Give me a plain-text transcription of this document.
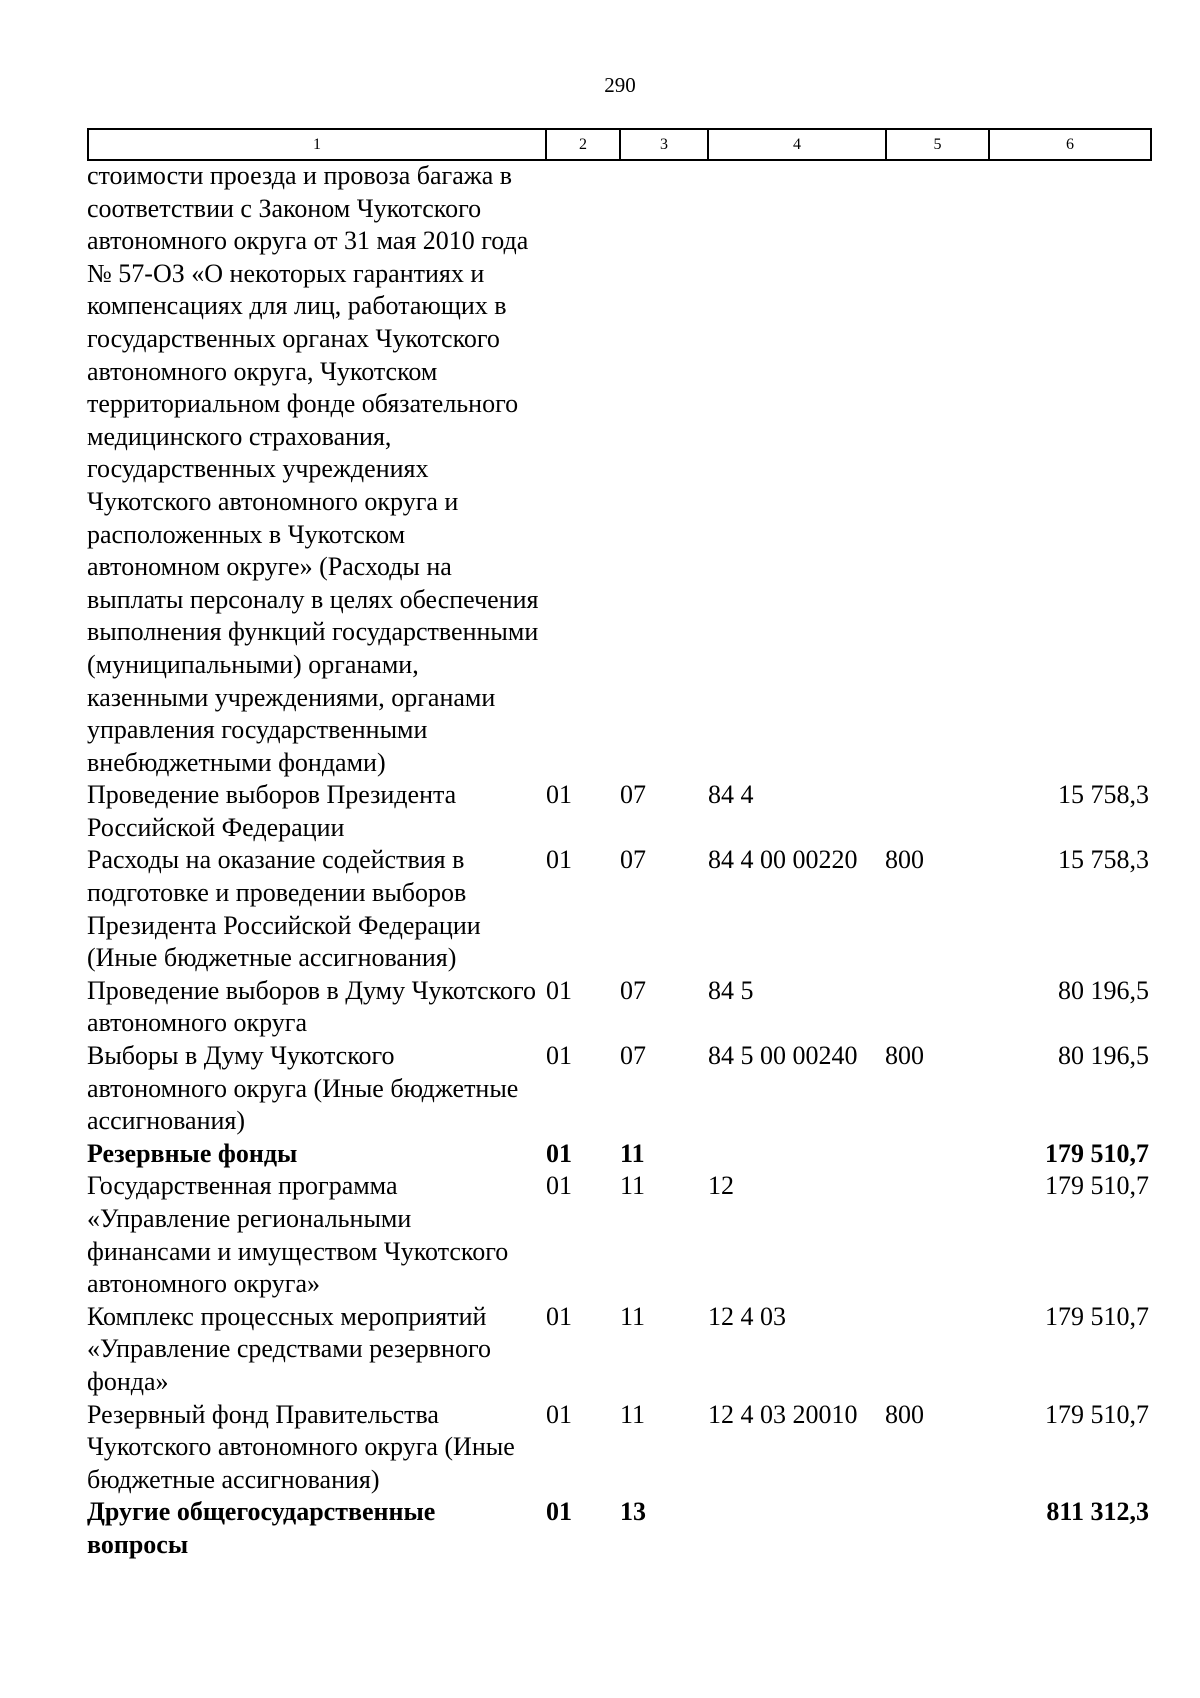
290
1	2	3	4	5	6
стоимости проезда и провоза багажа в соответствии с Законом Чукотского автономного округа от 31 мая 2010 года № 57-ОЗ «О некоторых гарантиях и компенсациях для лиц, работающих в государственных органах Чукотского автономного округа, Чукотском территориальном фонде обязательного медицинского страхования, государственных учреждениях Чукотского автономного округа и расположенных в Чукотском автономном округе» (Расходы на выплаты персоналу в целях обеспечения выполнения функций государственными (муниципальными) органами, казенными учреждениями, органами управления государственными внебюджетными фондами)					
Проведение выборов Президента Российской Федерации	01	07	84 4		15 758,3
Расходы на оказание содействия в подготовке и проведении выборов Президента Российской Федерации (Иные бюджетные ассигнования)	01	07	84 4 00 00220	800	15 758,3
Проведение выборов в Думу Чукотского автономного округа	01	07	84 5		80 196,5
Выборы в Думу Чукотского автономного округа (Иные бюджетные ассигнования)	01	07	84 5 00 00240	800	80 196,5
Резервные фонды	01	11			179 510,7
Государственная программа «Управление региональными финансами и имуществом Чукотского автономного округа»	01	11	12		179 510,7
Комплекс процессных мероприятий «Управление средствами резервного фонда»	01	11	12 4 03		179 510,7
Резервный фонд Правительства Чукотского автономного округа (Иные бюджетные ассигнования)	01	11	12 4 03 20010	800	179 510,7
Другие общегосударственные вопросы	01	13			811 312,3
